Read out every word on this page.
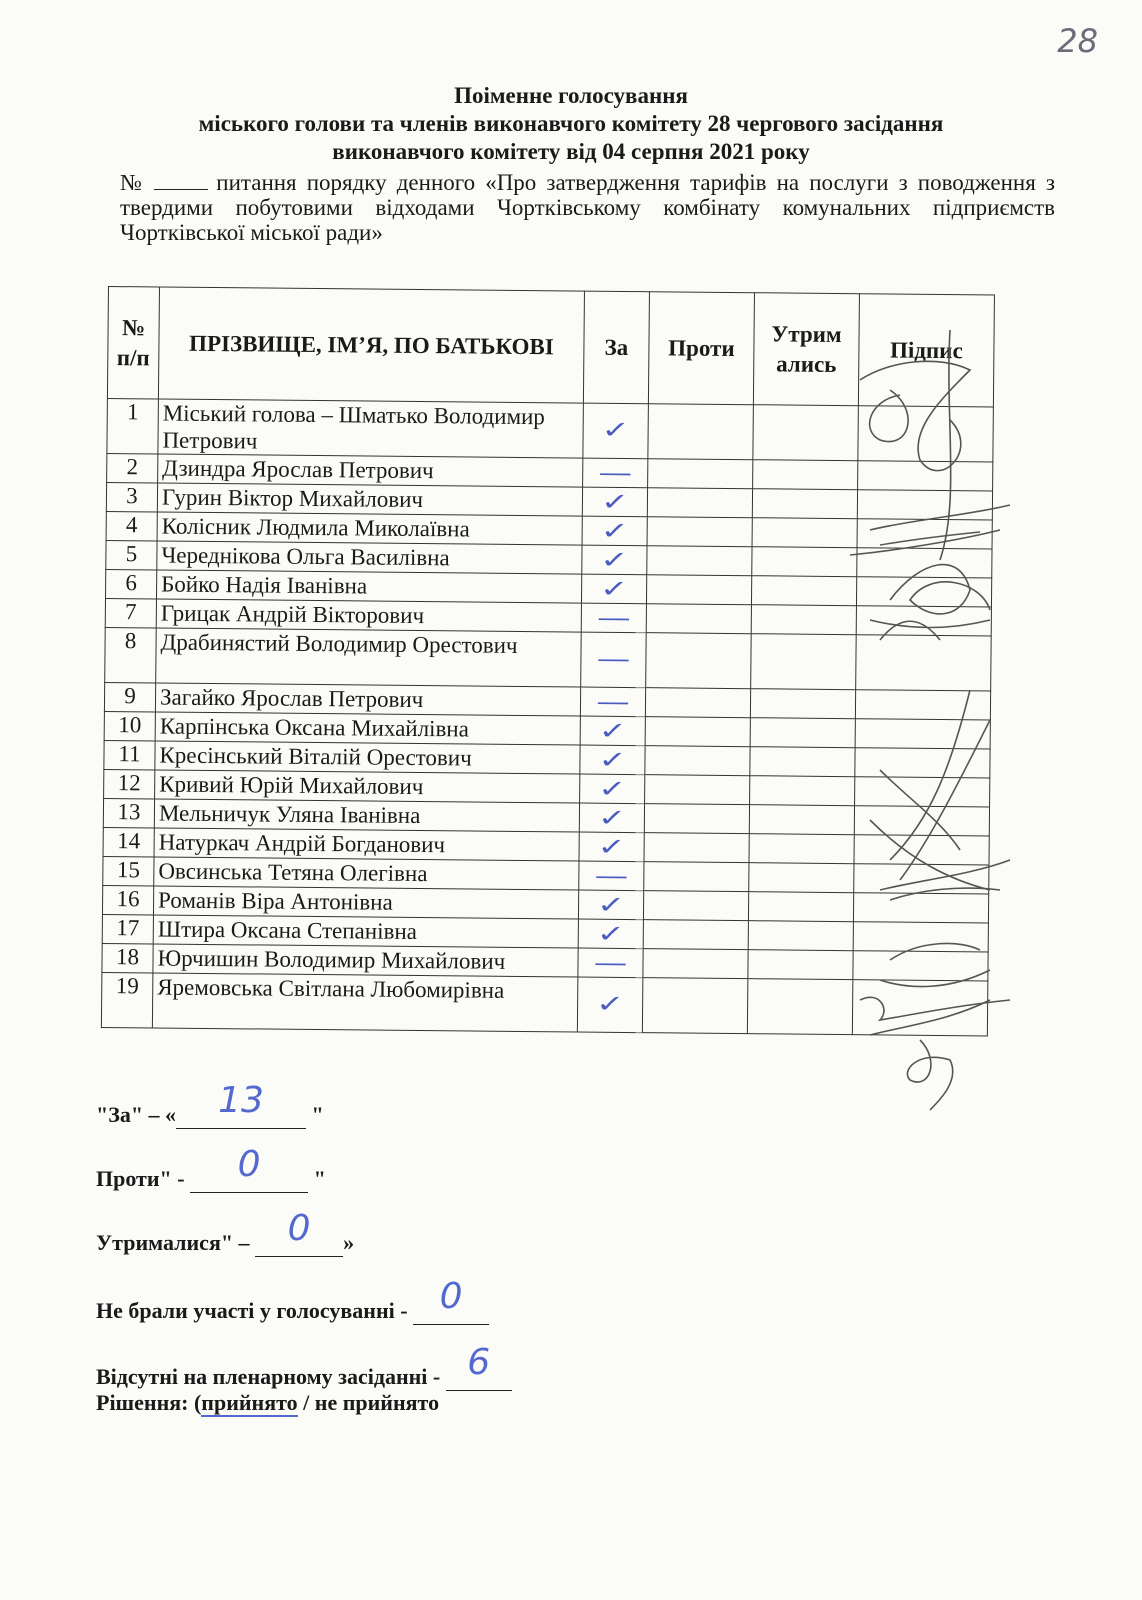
28
Поіменне голосування
міського голови та членів виконавчого комітету 28 чергового засідання
виконавчого комітету від 04 серпня 2021 року
№	питання порядку денного «Про затвердження тарифів на послуги з поводження з твердими побутовими відходами Чортківському комбінату комунальних підприємств Чортківської міської ради»
№ п/п	ПРІЗВИЩЕ, ІМ’Я, ПО БАТЬКОВІ	За	Проти	Утрим ались	Підпис
1	Міський голова – Шматько Володимир Петрович	✓			
2	Дзиндра Ярослав Петрович	—			
3	Гурин Віктор Михайлович	✓			
4	Колісник Людмила Миколаївна	✓			
5	Череднікова Ольга Василівна	✓			
6	Бойко Надія Іванівна	✓			
7	Грицак Андрій Вікторович	—			
8	Драбинястий Володимир Орестович	—			
9	Загайко Ярослав Петрович	—			
10	Карпінська Оксана Михайлівна	✓			
11	Кресінський Віталій Орестович	✓			
12	Кривий Юрій Михайлович	✓			
13	Мельничук Уляна Іванівна	✓			
14	Натуркач Андрій Богданович	✓			
15	Овсинська Тетяна Олегівна	—			
16	Романів Віра Антонівна	✓			
17	Штира Оксана Степанівна	✓			
18	Юрчишин Володимир Михайлович	—			
19	Яремовська Світлана Любомирівна	✓			
"За" – «	13	"
Проти" -	0	"
Утрималися" – 0	»
Не брали участі у голосуванні - 0

Відсутні на пленарному засіданні - 6

Рішення: (прийнято / не прийнято
